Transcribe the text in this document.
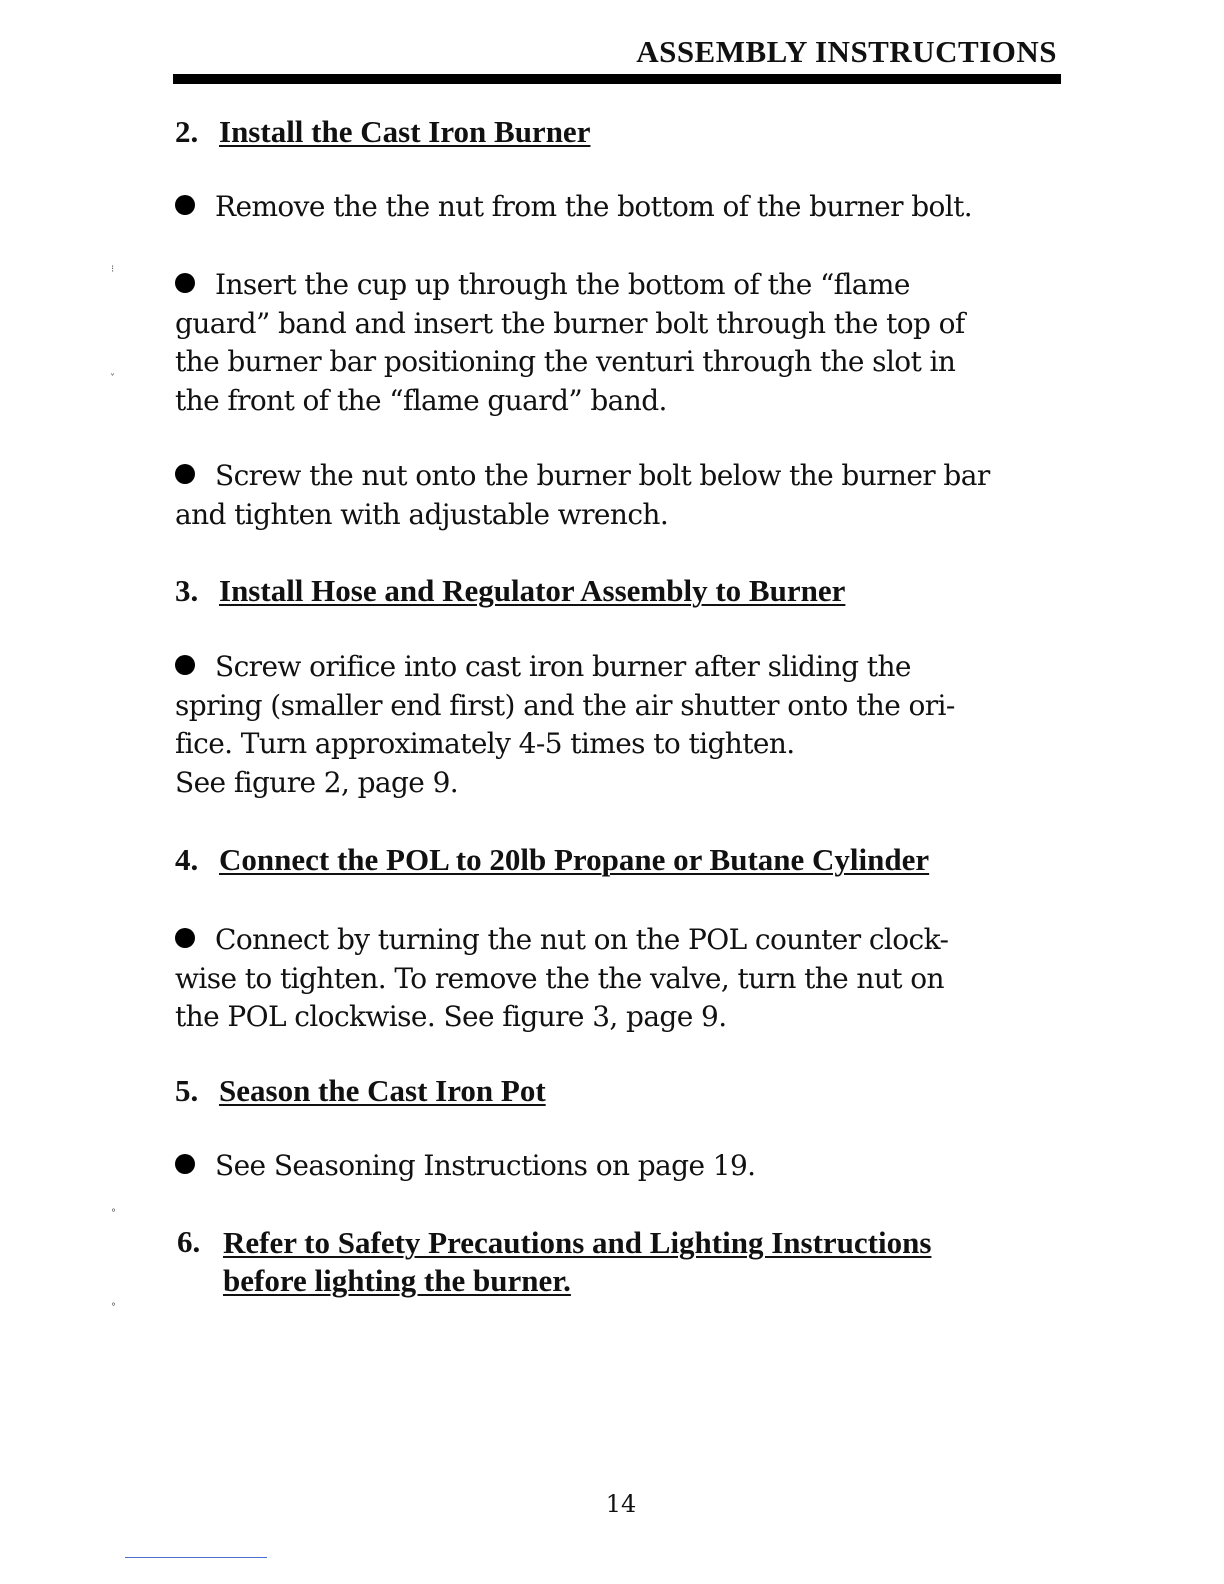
ASSEMBLY INSTRUCTIONS
2. Install the Cast Iron Burner
Remove the the nut from the bottom of the burner bolt.
Insert the cup up through the bottom of the “flame
guard” band and insert the burner bolt through the top of
the burner bar positioning the venturi through the slot in
the front of the “flame guard” band.
Screw the nut onto the burner bolt below the burner bar
and tighten with adjustable wrench.
3. Install Hose and Regulator Assembly to Burner
Screw orifice into cast iron burner after sliding the
spring (smaller end first) and the air shutter onto the ori-
fice. Turn approximately 4-5 times to tighten.
See figure 2, page 9.
4. Connect the POL to 20lb Propane or Butane Cylinder
Connect by turning the nut on the POL counter clock-
wise to tighten. To remove the the valve, turn the nut on
the POL clockwise. See figure 3, page 9.
5. Season the Cast Iron Pot
See Seasoning Instructions on page 19.
6. Refer to Safety Precautions and Lighting Instructions
before lighting the burner.
⁝
ˬ
°
°
14
